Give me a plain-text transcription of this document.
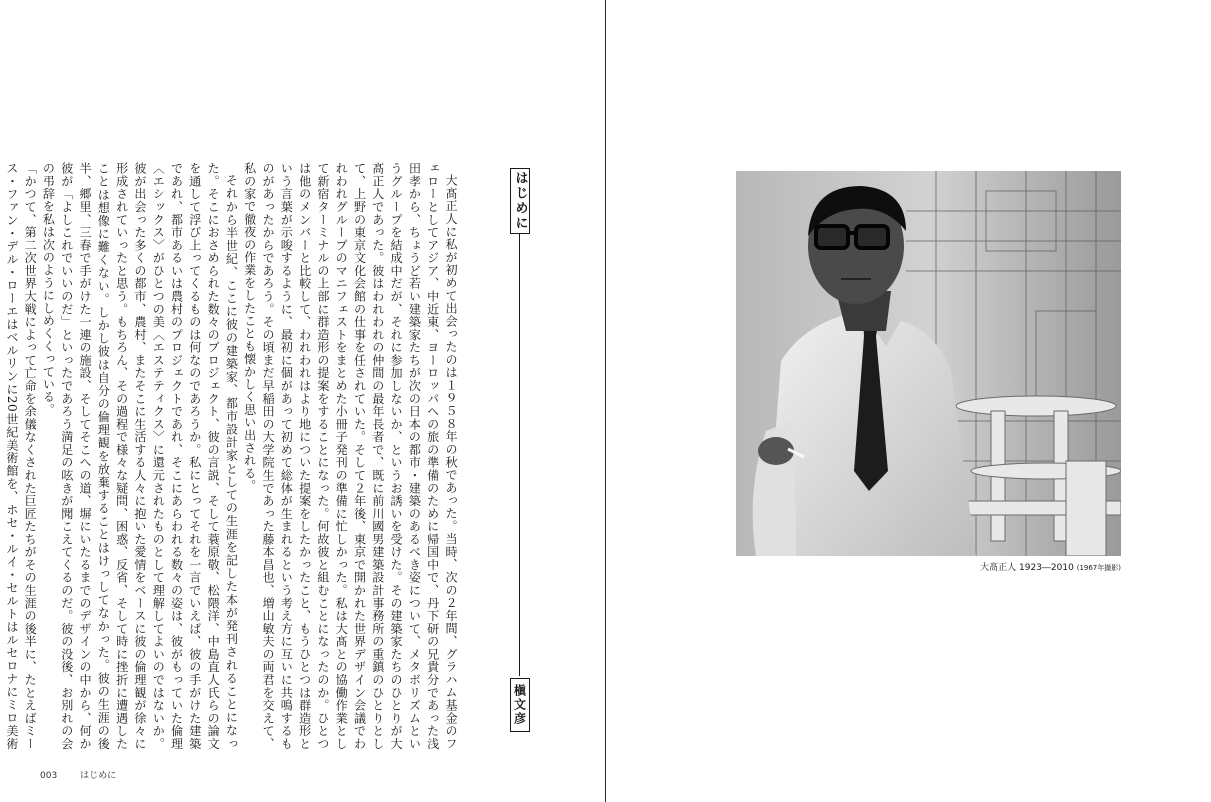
大髙正人に私が初めて出会ったのは１９５８年の秋であった。当時、次の２年間、グラハム基金のフェローとしてアジア、中近東、ヨーロッパへの旅の準備のために帰国中で、丹下研の兄貴分であった浅田孝から、ちょうど若い建築家たちが次の日本の都市・建築のあるべき姿について、メタボリズムというグループを結成中だが、それに参加しないか、というお誘いを受けた。その建築家たちのひとりが大髙正人であった。彼はわれわれの仲間の最年長者で、既に前川國男建築設計事務所の重鎮のひとりとして、上野の東京文化会館の仕事を任されていた。そして２年後、東京で開かれた世界デザイン会議でわれわれグループのマニフェストをまとめた小冊子発刊の準備に忙しかった。私は大髙との協働作業として新宿ターミナルの上部に群造形の提案をすることになった。何故彼と組むことになったのか。ひとつは他のメンバーと比較して、われわれはより地についた提案をしたかったこと、もうひとつは群造形という言葉が示唆するように、最初に個があって初めて総体が生まれるという考え方に互いに共鳴するものがあったからであろう。その頃まだ早稲田の大学院生であった藤本昌也、増山敏夫の両君を交えて、私の家で徹夜の作業をしたことも懐かしく思い出される。

それから半世紀、ここに彼の建築家、都市設計家としての生涯を記した本が発刊されることになった。そこにおさめられた数々のプロジェクト、彼の言説、そして蓑原敬、松隈洋、中島直人氏らの論文を通して浮び上ってくるものは何なのであろうか。私にとってそれを一言でいえば、彼の手がけた建築であれ、都市あるいは農村のプロジェクトであれ、そこにあらわれる数々の姿は、彼がもっていた倫理〈エシックス〉がひとつの美〈エステティクス〉に還元されたものとして理解してよいのではないか。彼が出会った多くの都市、農村、またそこに生活する人々に抱いた愛情をベースに彼の倫理観が徐々に形成されていったと思う。もちろん、その過程で様々な疑問、困惑、反省、そして時に挫折に遭遇したことは想像に難くない。しかし彼は自分の倫理観を放棄することはけっしてなかった。彼の生涯の後半、郷里、三春で手がけた一連の施設、そしてそこへの道、塀にいたるまでのデザインの中から、何か彼が「よしこれでいいのだ」といったであろう満足の呟きが聞こえてくるのだ。彼の没後、お別れの会の弔辞を私は次のようにしめくくっている。

「かつて、第二次世界大戦によって亡命を余儀なくされた巨匠たちがその生涯の後半に、たとえばミース・ファン・デル・ローエはベルリンに20世紀美術館を、ホセ・ルイ・セルトはルセロナにミロ美術

はじめに
槇文彦
003	はじめに
大髙正人 1923―2010 (1967年撮影)
